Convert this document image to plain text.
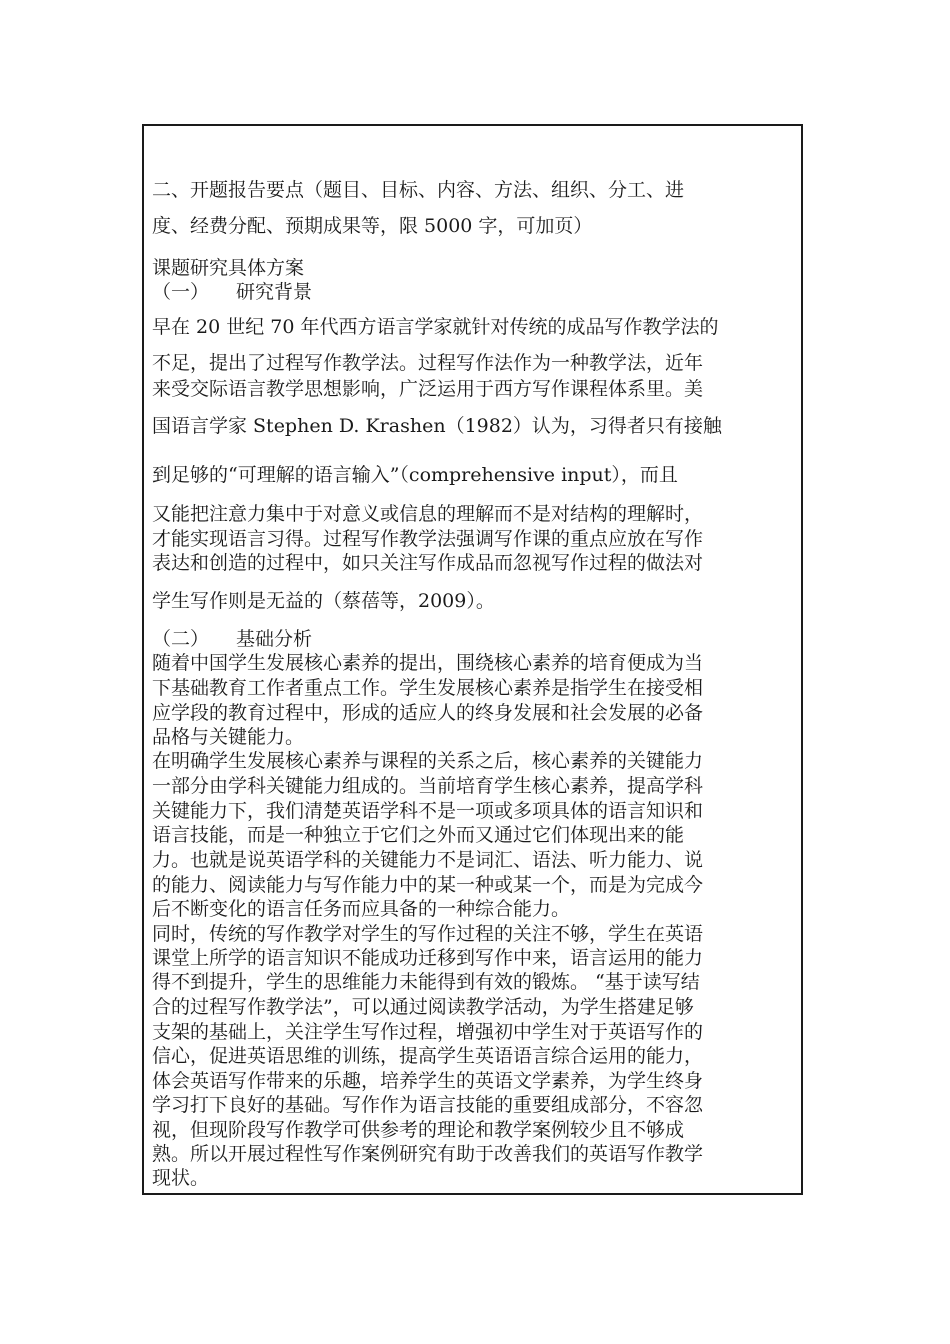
二、开题报告要点（题目、目标、内容、方法、组织、分工、进
度、经费分配、预期成果等，限 5000 字，可加页）
课题研究具体方案
（一） 研究背景
早在 20 世纪 70 年代西方语言学家就针对传统的成品写作教学法的
不足，提出了过程写作教学法。过程写作法作为一种教学法，近年
来受交际语言教学思想影响，广泛运用于西方写作课程体系里。美
国语言学家 Stephen D. Krashen（1982）认为，习得者只有接触
到足够的“可理解的语言输入”（comprehensive input），而且
又能把注意力集中于对意义或信息的理解而不是对结构的理解时，
才能实现语言习得。过程写作教学法强调写作课的重点应放在写作
表达和创造的过程中，如只关注写作成品而忽视写作过程的做法对
学生写作则是无益的（蔡蓓等，2009）。
（二） 基础分析
随着中国学生发展核心素养的提出，围绕核心素养的培育便成为当
下基础教育工作者重点工作。学生发展核心素养是指学生在接受相
应学段的教育过程中，形成的适应人的终身发展和社会发展的必备
品格与关键能力。
在明确学生发展核心素养与课程的关系之后，核心素养的关键能力
一部分由学科关键能力组成的。当前培育学生核心素养，提高学科
关键能力下，我们清楚英语学科不是一项或多项具体的语言知识和
语言技能，而是一种独立于它们之外而又通过它们体现出来的能
力。也就是说英语学科的关键能力不是词汇、语法、听力能力、说
的能力、阅读能力与写作能力中的某一种或某一个，而是为完成今
后不断变化的语言任务而应具备的一种综合能力。
同时，传统的写作教学对学生的写作过程的关注不够，学生在英语
课堂上所学的语言知识不能成功迁移到写作中来，语言运用的能力
得不到提升，学生的思维能力未能得到有效的锻炼。 “基于读写结
合的过程写作教学法”，可以通过阅读教学活动，为学生搭建足够
支架的基础上，关注学生写作过程，增强初中学生对于英语写作的
信心，促进英语思维的训练，提高学生英语语言综合运用的能力，
体会英语写作带来的乐趣，培养学生的英语文学素养，为学生终身
学习打下良好的基础。写作作为语言技能的重要组成部分，不容忽
视，但现阶段写作教学可供参考的理论和教学案例较少且不够成
熟。所以开展过程性写作案例研究有助于改善我们的英语写作教学
现状。
